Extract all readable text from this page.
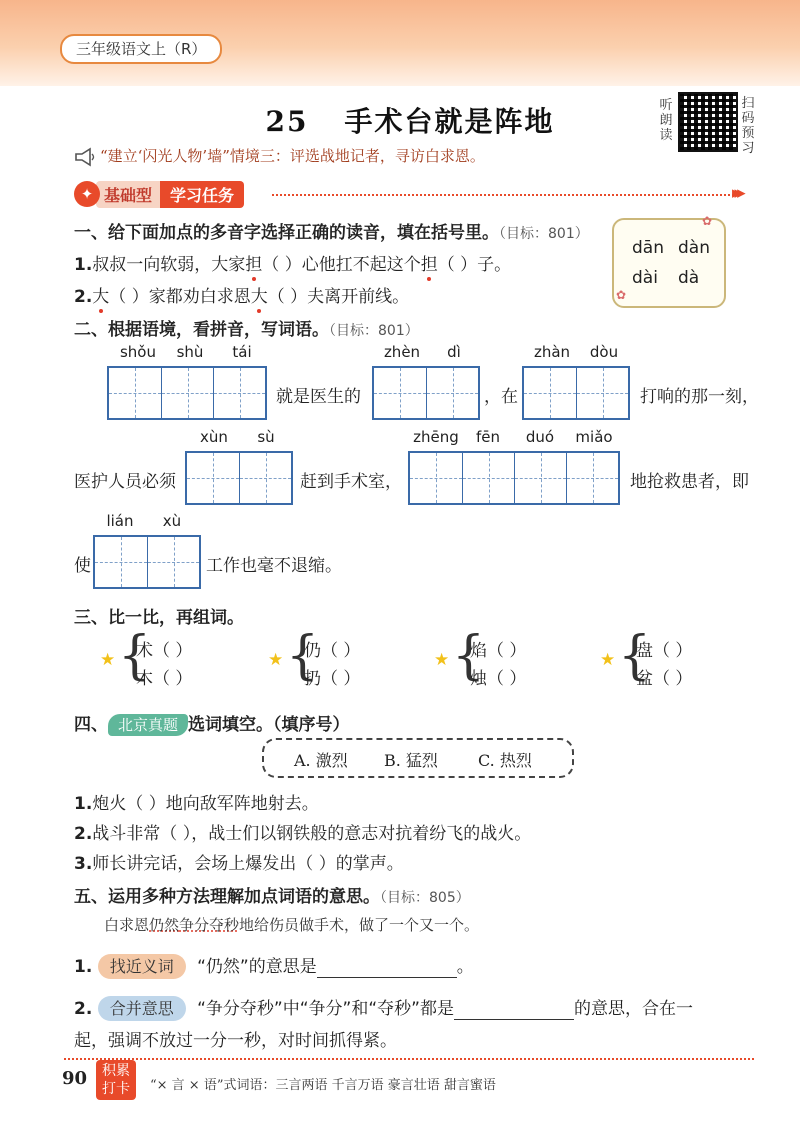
三年级语文上（R）
25 手术台就是阵地	听朗读
扫码预习
“建立‘闪光人物’墙”情境三：评选战地记者，寻访白求恩。
✦ 基础型	学习任务	▸▸▸
一、给下面加点的多音字选择正确的读音，填在括号里。（目标：801）
1.叔叔一向软弱，大家担（ ）心他扛不起这个担（ ）子。
2.大（ ）家都劝白求恩大（ ）夫离开前线。
dān dàn
dài dà
✿
✿
二、根据语境，看拼音，写词语。（目标：801）
shǒu	shù	tái
就是医生的
zhèn	dì
，在
zhàn	dòu
打响的那一刻，
医护人员必须
xùn	sù
赶到手术室，
zhēng	fēn	duó	miǎo
地抢救患者，即
使
lián	xù
工作也毫不退缩。
三、比一比，再组词。
★ {
术（ ）
木（ ）
★ {
仍（ ）
扔（ ）
★ {
焰（ ）
烛（ ）
★ {
盘（ ）
盆（ ）
四、 北京真题 选词填空。（填序号）
A. 激烈 B. 猛烈	C. 热烈
1.炮火（ ）地向敌军阵地射去。
2.战斗非常（ ），战士们以钢铁般的意志对抗着纷飞的战火。
3.师长讲完话，会场上爆发出（ ）的掌声。
五、运用多种方法理解加点词语的意思。（目标：805）
白求恩仍然争分夺秒地给伤员做手术，做了一个又一个。
1. 找近义词 “仍然”的意思是	。
2. 合并意思 “争分夺秒”中“争分”和“夺秒”都是	的意思，合在一
起，强调不放过一分一秒，对时间抓得紧。
90	积累
打卡	“× 言 × 语”式词语：三言两语 千言万语 豪言壮语 甜言蜜语
